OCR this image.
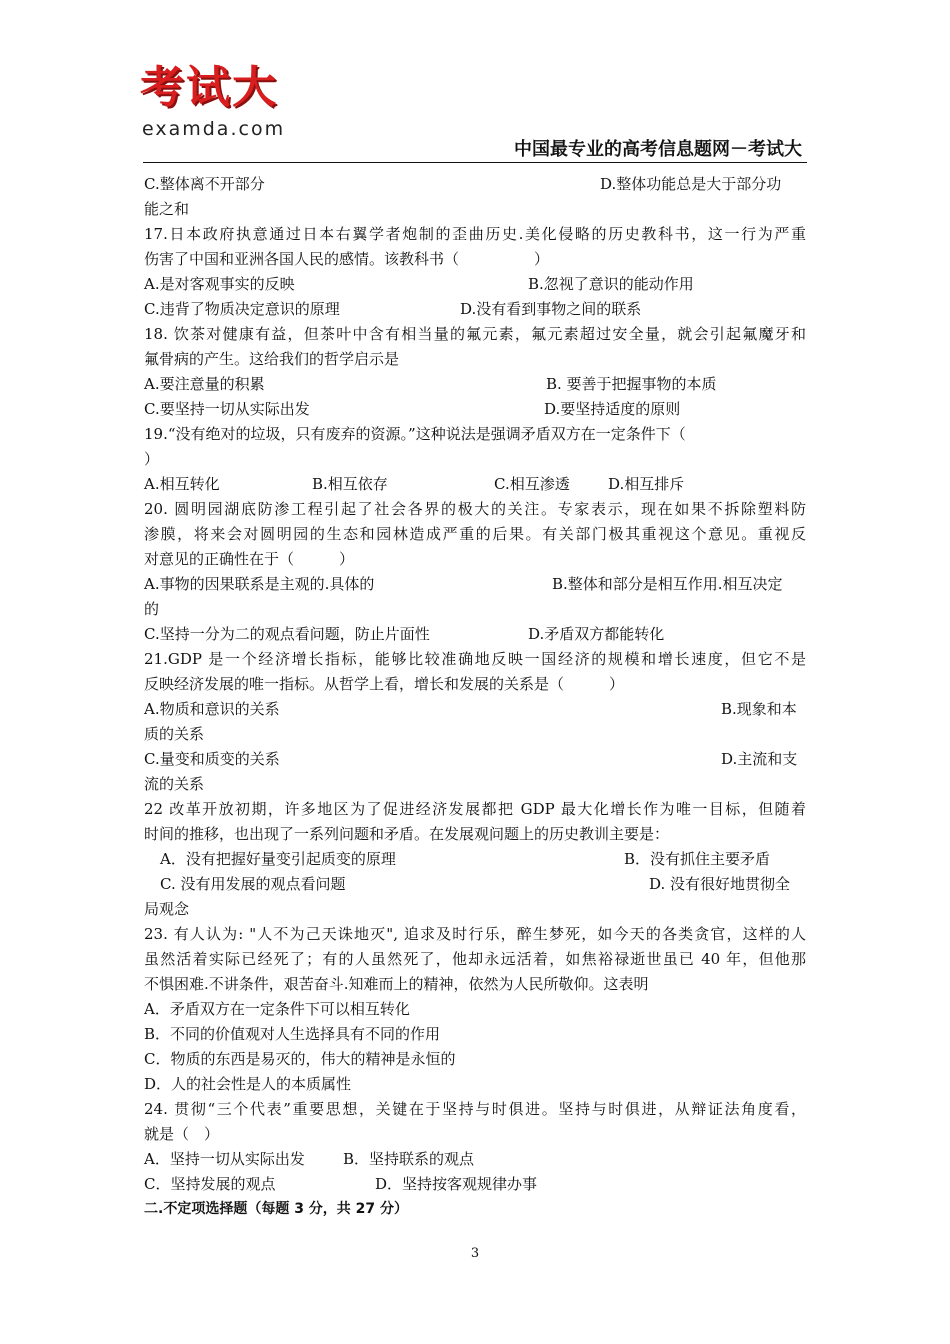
考试大
examda.com
中国最专业的高考信息题网－考试大
C.整体离不开部分	D.整体功能总是大于部分功
能之和
17.日本政府执意通过日本右翼学者炮制的歪曲历史.美化侵略的历史教科书，这一行为严重
伤害了中国和亚洲各国人民的感情。该教科书（　　　　　）
A.是对客观事实的反映	B.忽视了意识的能动作用
C.违背了物质决定意识的原理	D.没有看到事物之间的联系
18. 饮茶对健康有益，但茶叶中含有相当量的氟元素，氟元素超过安全量，就会引起氟魔牙和
氟骨病的产生。这给我们的哲学启示是
A.要注意量的积累	B. 要善于把握事物的本质
C.要坚持一切从实际出发	D.要坚持适度的原则
19.“没有绝对的垃圾，只有废弃的资源。”这种说法是强调矛盾双方在一定条件下（
）
A.相互转化	B.相互依存	C.相互渗透	D.相互排斥
20. 圆明园湖底防渗工程引起了社会各界的极大的关注。专家表示，现在如果不拆除塑料防
渗膜，将来会对圆明园的生态和园林造成严重的后果。有关部门极其重视这个意见。重视反
对意见的正确性在于（　　　）
A.事物的因果联系是主观的.具体的	B.整体和部分是相互作用.相互决定
的
C.坚持一分为二的观点看问题，防止片面性	D.矛盾双方都能转化
21.GDP 是一个经济增长指标，能够比较准确地反映一国经济的规模和增长速度，但它不是
反映经济发展的唯一指标。从哲学上看，增长和发展的关系是（　　　）
A.物质和意识的关系	B.现象和本
质的关系
C.量变和质变的关系	D.主流和支
流的关系
22 改革开放初期，许多地区为了促进经济发展都把 GDP 最大化增长作为唯一目标，但随着
时间的推移，也出现了一系列问题和矛盾。在发展观问题上的历史教训主要是：
A．没有把握好量变引起质变的原理	B．没有抓住主要矛盾
C. 没有用发展的观点看问题	D. 没有很好地贯彻全
局观念
23. 有人认为: "人不为己天诛地灭", 追求及时行乐，醉生梦死，如今天的各类贪官，这样的人
虽然活着实际已经死了；有的人虽然死了，他却永远活着，如焦裕禄逝世虽已 40 年，但他那
不惧困难.不讲条件，艰苦奋斗.知难而上的精神，依然为人民所敬仰。这表明
A．矛盾双方在一定条件下可以相互转化
B．不同的价值观对人生选择具有不同的作用
C．物质的东西是易灭的，伟大的精神是永恒的
D．人的社会性是人的本质属性
24. 贯彻“三个代表”重要思想，关键在于坚持与时俱进。坚持与时俱进，从辩证法角度看，
就是（　）
A．坚持一切从实际出发	B．坚持联系的观点
C．坚持发展的观点	D．坚持按客观规律办事
二.不定项选择题（每题 3 分，共 27 分）
3
